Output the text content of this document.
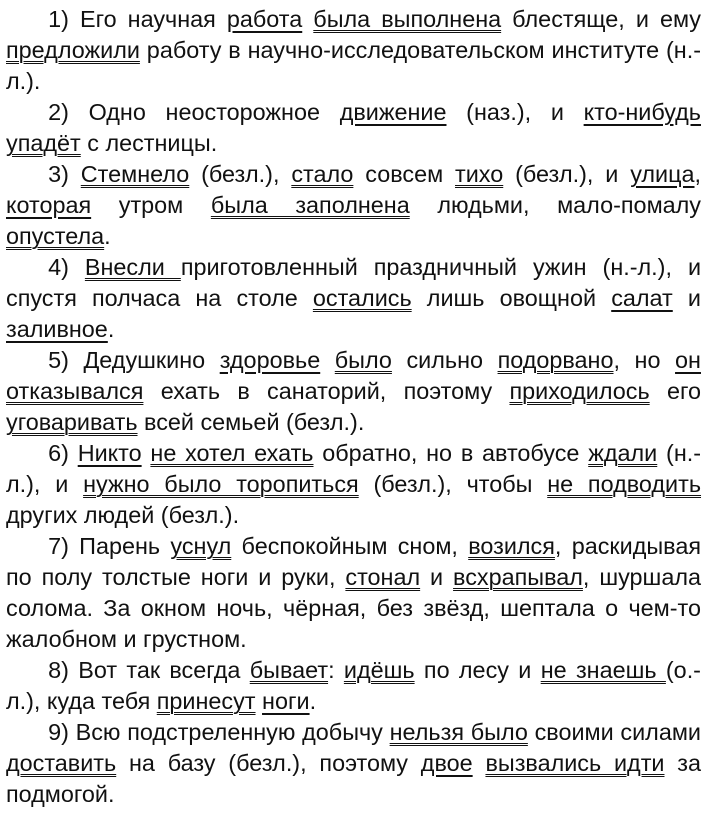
1) Его научная работа была выполнена блестяще, и ему предложили работу в научно-исследовательском институте (н.-л.).

2) Одно неосторожное движение (наз.), и кто-нибудь упадёт с лестницы.

3) Стемнело (безл.), стало совсем тихо (безл.), и улица, которая утром была заполнена людьми, мало-помалу опустела.

4) Внесли приготовленный праздничный ужин (н.-л.), и спустя полчаса на столе остались лишь овощной салат и заливное.

5) Дедушкино здоровье было сильно подорвано, но он отказывался ехать в санаторий, поэтому приходилось его уговаривать всей семьей (безл.).

6) Никто не хотел ехать обратно, но в автобусе ждали (н.-л.), и нужно было торопиться (безл.), чтобы не подводить других людей (безл.).

7) Парень уснул беспокойным сном, возился, раскидывая по полу толстые ноги и руки, стонал и всхрапывал, шуршала солома. За окном ночь, чёрная, без звёзд, шептала о чем-то жалобном и грустном.

8) Вот так всегда бывает: идёшь по лесу и не знаешь (о.-л.), куда тебя принесут ноги.

9) Всю подстреленную добычу нельзя было своими силами доставить на базу (безл.), поэтому двое вызвались идти за подмогой.
